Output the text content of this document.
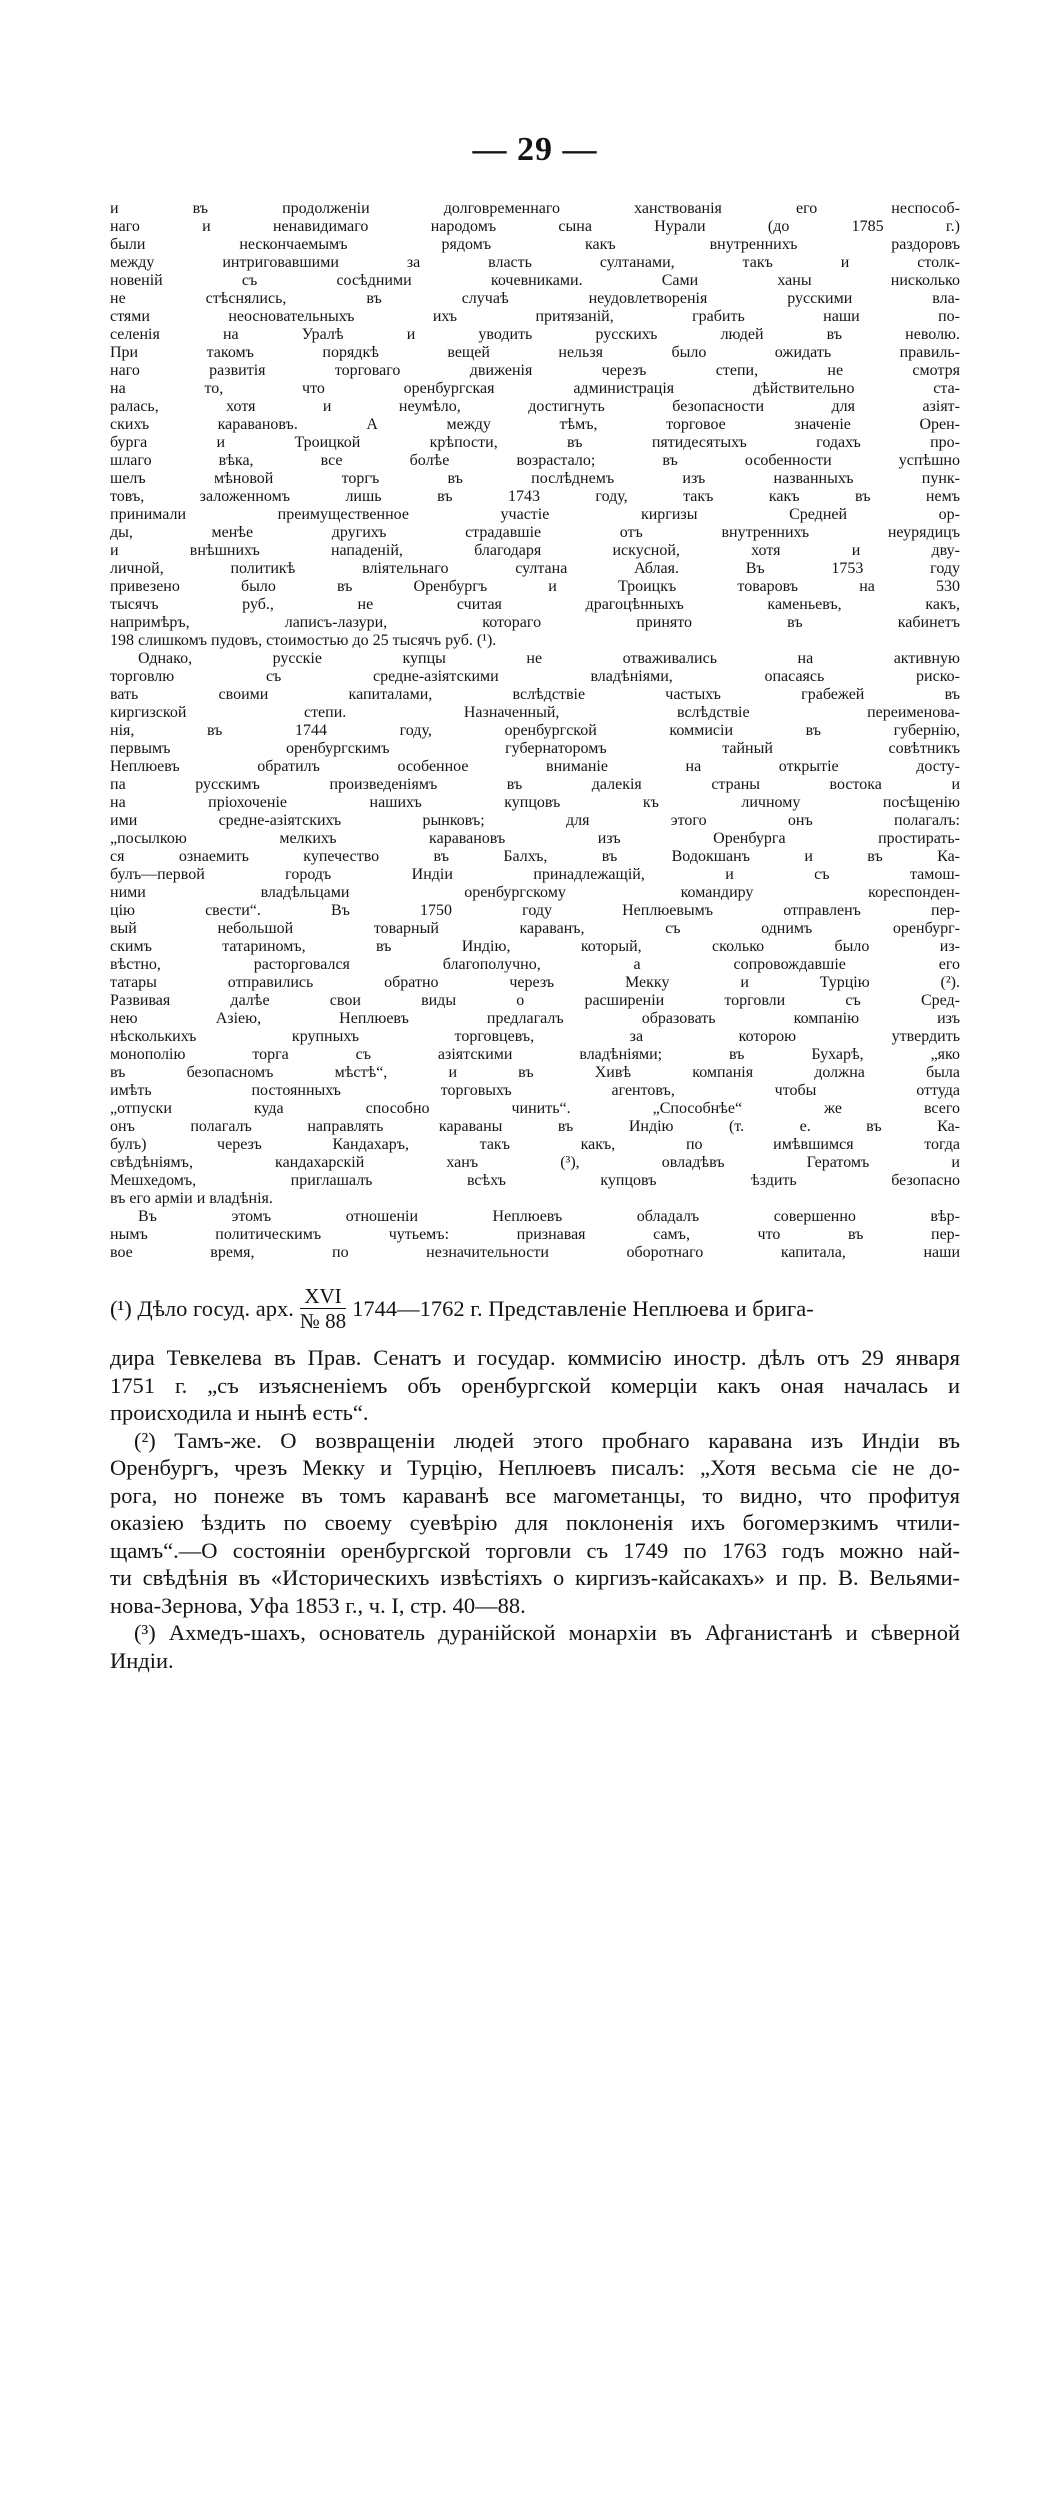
— 29 —
и въ продолженіи долговременнаго ханствованія его неспособ-
наго и ненавидимаго народомъ сына Нурали (до 1785 г.)
были нескончаемымъ рядомъ какъ внутреннихъ раздоровъ
между интриговавшими за власть султанами, такъ и столк-
новеній съ сосѣдними кочевниками. Сами ханы нисколько
не стѣснялись, въ случаѣ неудовлетворенія русскими вла-
стями неосновательныхъ ихъ притязаній, грабить наши по-
селенія на Уралѣ и уводить русскихъ людей въ неволю.
При такомъ порядкѣ вещей нельзя было ожидать правиль-
наго развитія торговаго движенія черезъ степи, не смотря
на то, что оренбургская администрація дѣйствительно ста-
ралась, хотя и неумѣло, достигнуть безопасности для азіят-
скихъ каравановъ. А между тѣмъ, торговое значеніе Орен-
бурга и Троицкой крѣпости, въ пятидесятыхъ годахъ про-
шлаго вѣка, все болѣе возрастало; въ особенности успѣшно
шелъ мѣновой торгъ въ послѣднемъ изъ названныхъ пунк-
товъ, заложенномъ лишь въ 1743 году, такъ какъ въ немъ
принимали преимущественное участіе киргизы Средней ор-
ды, менѣе другихъ страдавшіе отъ внутреннихъ неурядицъ
и внѣшнихъ нападеній, благодаря искусной, хотя и дву-
личной, политикѣ вліятельнаго султана Аблая. Въ 1753 году
привезено было въ Оренбургъ и Троицкъ товаровъ на 530
тысячъ руб., не считая драгоцѣнныхъ каменьевъ, какъ,
напримѣръ, лаписъ-лазури, котораго принято въ кабинетъ
198 слишкомъ пудовъ, стоимостью до 25 тысячъ руб. (¹).
Однако, русскіе купцы не отваживались на активную
торговлю съ средне-азіятскими владѣніями, опасаясь риско-
вать своими капиталами, вслѣдствіе частыхъ грабежей въ
киргизской степи. Назначенный, вслѣдствіе переименова-
нія, въ 1744 году, оренбургской коммисіи въ губернію,
первымъ оренбургскимъ губернаторомъ тайный совѣтникъ
Неплюевъ обратилъ особенное вниманіе на открытіе досту-
па русскимъ произведеніямъ въ далекія страны востока и
на пріохоченіе нашихъ купцовъ къ личному посѣщенію
ими средне-азіятскихъ рынковъ; для этого онъ полагалъ:
„посылкою мелкихъ каравановъ изъ Оренбурга простирать-
ся ознаемить купечество въ Балхъ, въ Водокшанъ и въ Ка-
булъ—первой городъ Индіи принадлежащій, и съ тамош-
ними владѣльцами оренбургскому командиру кореспонден-
цію свести“. Въ 1750 году Неплюевымъ отправленъ пер-
вый небольшой товарный караванъ, съ однимъ оренбург-
скимъ татариномъ, въ Индію, который, сколько было из-
вѣстно, расторговался благополучно, а сопровождавшіе его
татары отправились обратно черезъ Мекку и Турцію (²).
Развивая далѣе свои виды о расширеніи торговли съ Сред-
нею Азіею, Неплюевъ предлагалъ образовать компанію изъ
нѣсколькихъ крупныхъ торговцевъ, за которою утвердить
монополію торга съ азіятскими владѣніями; въ Бухарѣ, „яко
въ безопасномъ мѣстѣ“, и въ Хивѣ компанія должна была
имѣть постоянныхъ торговыхъ агентовъ, чтобы оттуда
„отпуски куда способно чинить“. „Способнѣе“ же всего
онъ полагалъ направлять караваны въ Индію (т. е. въ Ка-
булъ) черезъ Кандахаръ, такъ какъ, по имѣвшимся тогда
свѣдѣніямъ, кандахарскій ханъ (³), овладѣвъ Гератомъ и
Мешхедомъ, приглашалъ всѣхъ купцовъ ѣздить безопасно
въ его арміи и владѣнія.
Въ этомъ отношеніи Неплюевъ обладалъ совершенно вѣр-
нымъ политическимъ чутьемъ: признавая самъ, что въ пер-
вое время, по незначительности оборотнаго капитала, наши
(¹) Дѣло госуд. арх. $\frac{\text{XVI}}{№ 88}$ 1744—1762 г. Представленіе Неплюева и брига-
дира Тевкелева въ Прав. Сенатъ и государ. коммисію иностр. дѣлъ отъ 29 января
1751 г. „съ изъясненіемъ объ оренбургской комерціи какъ оная началась и
происходила и нынѣ есть“.
(²) Тамъ-же. О возвращеніи людей этого пробнаго каравана изъ Индіи въ
Оренбургъ, чрезъ Мекку и Турцію, Неплюевъ писалъ: „Хотя весьма сіе не до-
рога, но понеже въ томъ караванѣ все магометанцы, то видно, что профитуя
оказіею ѣздить по своему суевѣрію для поклоненія ихъ богомерзкимъ чтили-
щамъ“.—О состояніи оренбургской торговли съ 1749 по 1763 годъ можно най-
ти свѣдѣнія въ «Историческихъ извѣстіяхъ о киргизъ-кайсакахъ» и пр. В. Вельями-
нова-Зернова, Уфа 1853 г., ч. I, стр. 40—88.
(³) Ахмедъ-шахъ, основатель дуранійской монархіи въ Афганистанѣ и сѣверной
Индіи.
